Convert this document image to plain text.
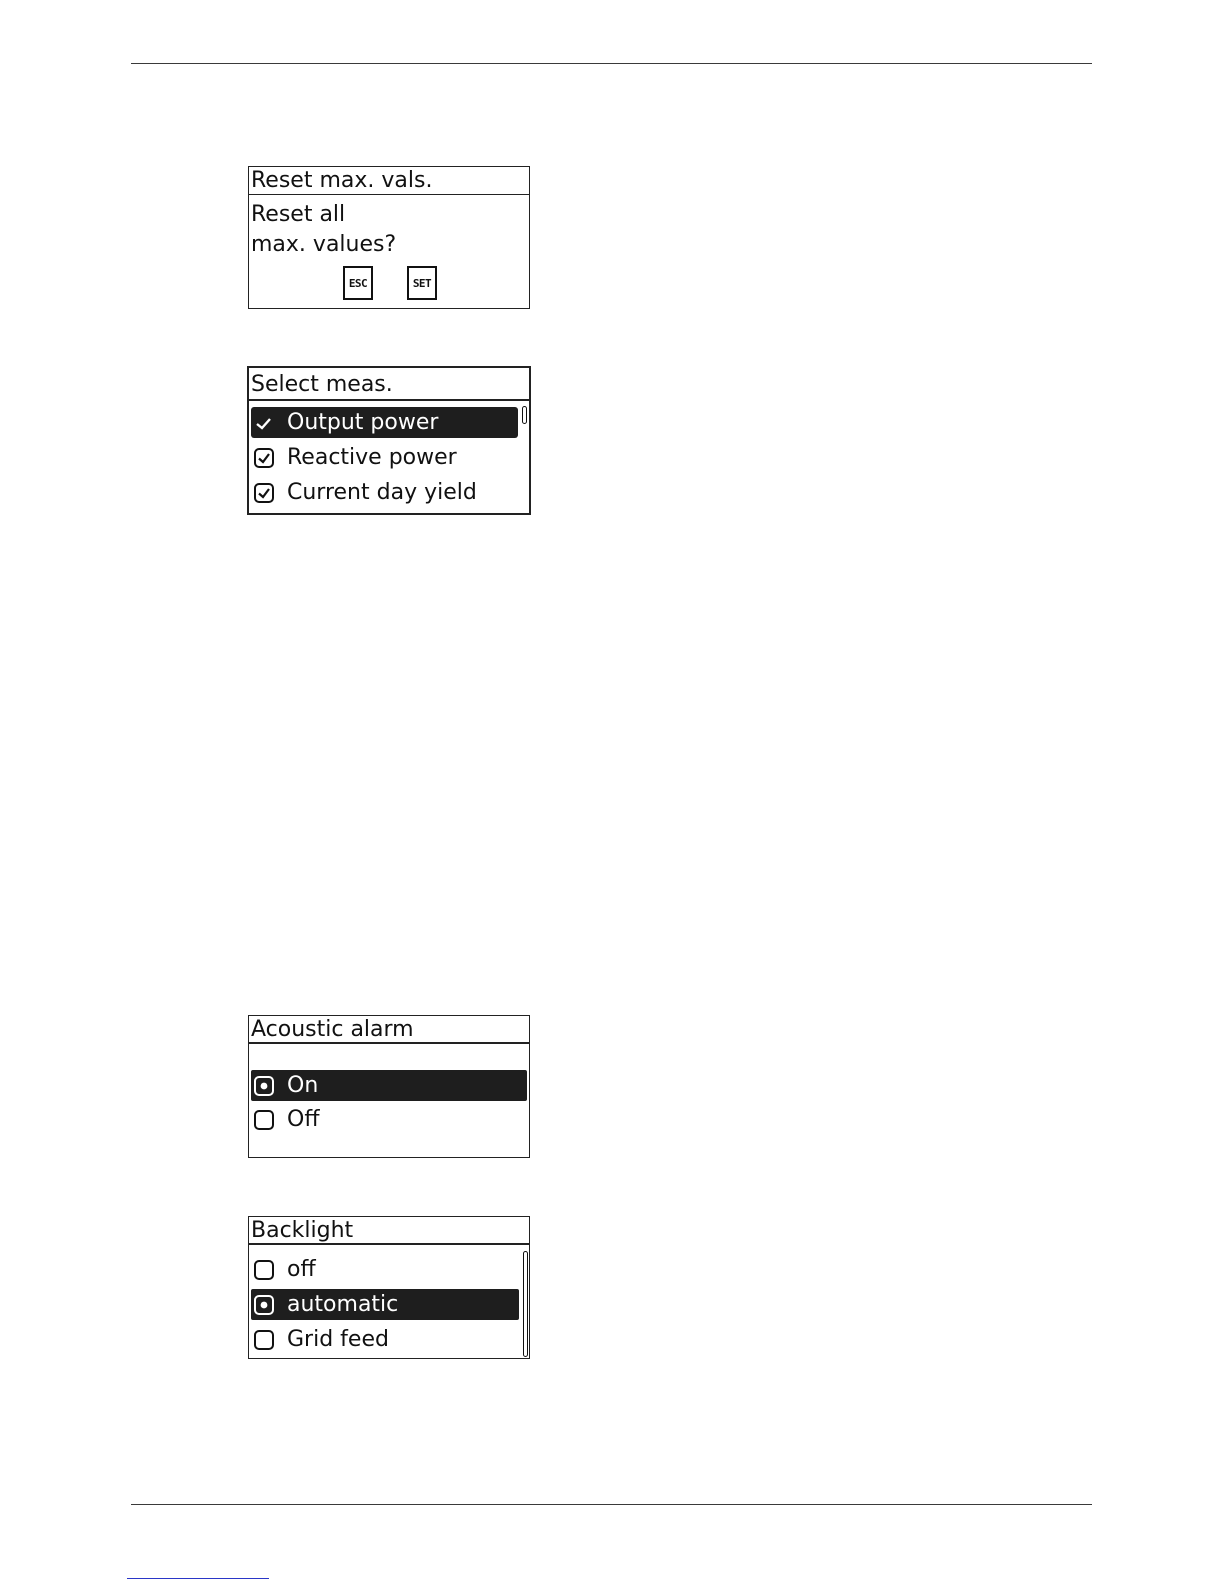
Reset max. vals.
Reset all
max. values?
ESC	SET
Select meas.
Output power
Reactive power
Current day yield
Acoustic alarm
On
Off
Backlight
off
automatic
Grid feed
